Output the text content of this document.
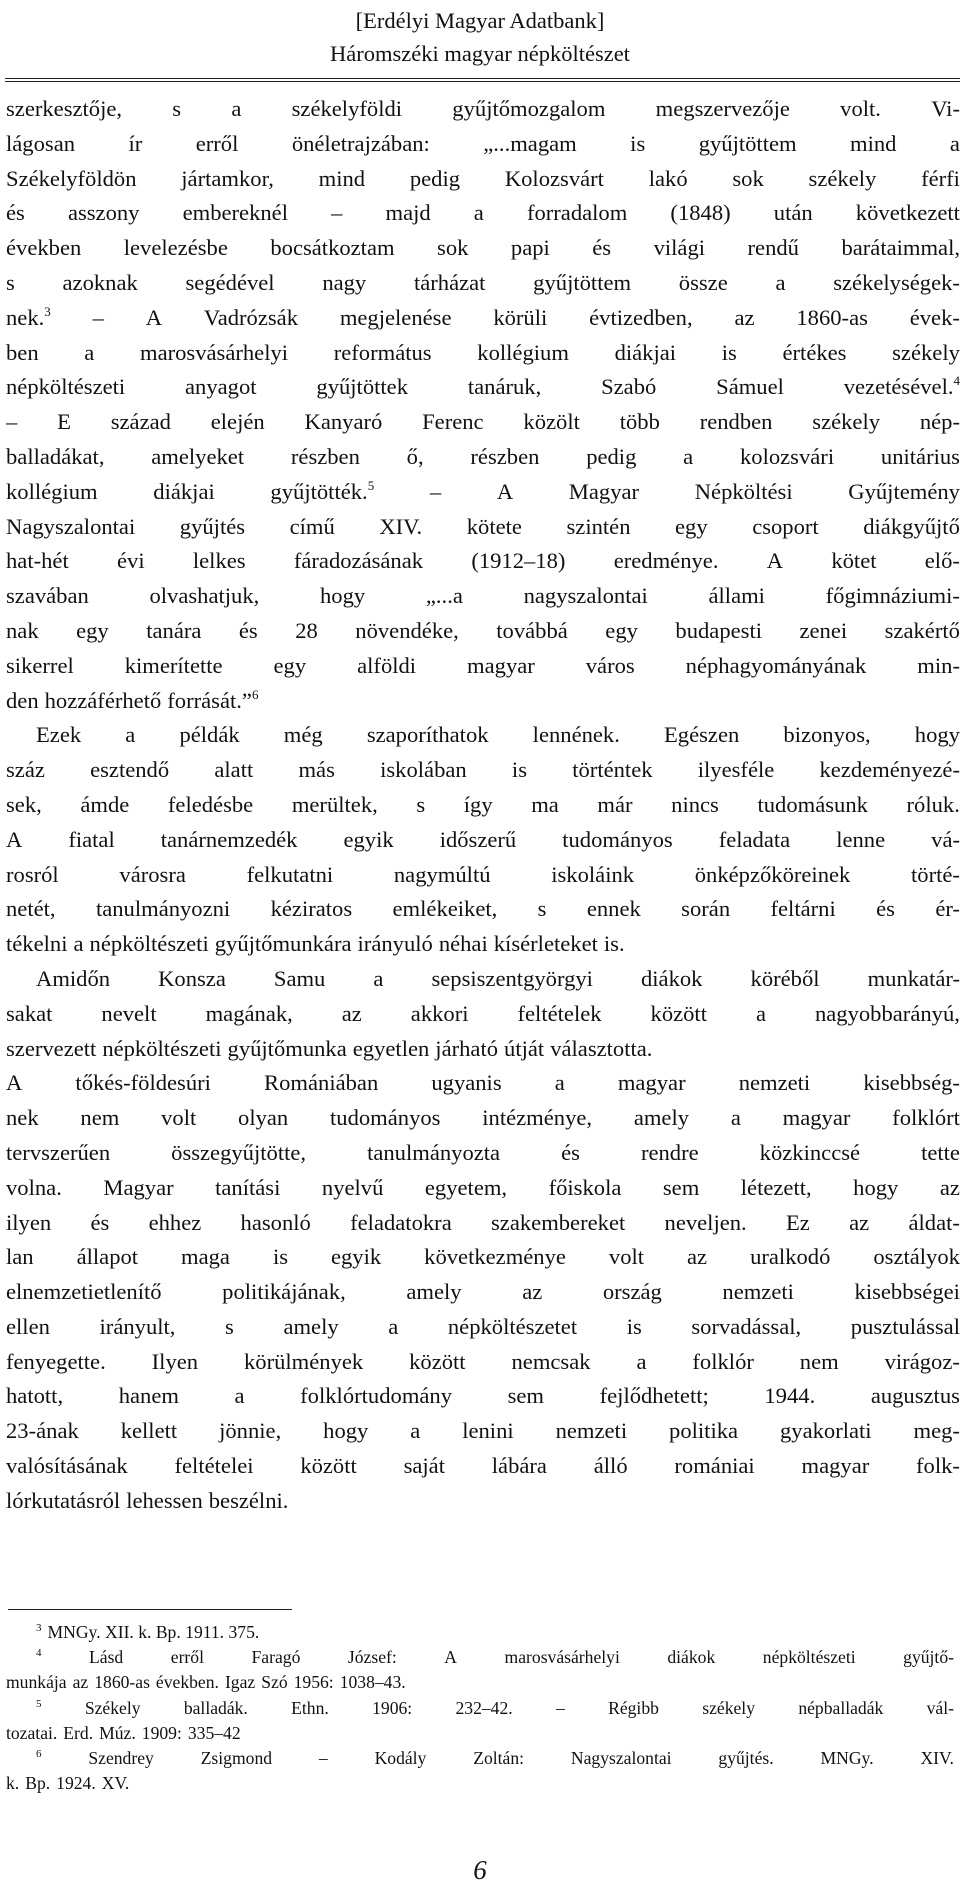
[Erdélyi Magyar Adatbank]
Háromszéki magyar népköltészet
szerkesztője, s a székelyföldi gyűjtőmozgalom megszervezője volt. Vi-
lágosan ír erről önéletrajzában: „...magam is gyűjtöttem mind a
Székelyföldön jártamkor, mind pedig Kolozsvárt lakó sok székely férfi
és asszony embereknél – majd a forradalom (1848) után következett
években levelezésbe bocsátkoztam sok papi és világi rendű barátaimmal,
s azoknak segédével nagy tárházat gyűjtöttem össze a székelységek-
nek.$^3$ – A Vadrózsák megjelenése körüli évtizedben, az 1860-as évek-
ben a marosvásárhelyi református kollégium diákjai is értékes székely
népköltészeti	anyagot	gyűjtöttek	tanáruk,	Szabó	Sámuel	vezetésével.$^4$
– E század elején Kanyaró Ferenc közölt több rendben székely nép-
balladákat, amelyeket részben ő, részben pedig a kolozsvári unitárius
kollégium diákjai gyűjtötték.$^5$ – A Magyar Népköltési Gyűjtemény
Nagyszalontai gyűjtés című XIV. kötete szintén egy csoport diákgyűjtő
hat-hét évi lelkes fáradozásának (1912–18) eredménye. A kötet elő-
szavában	olvashatjuk,	hogy	„...a	nagyszalontai	állami	főgimnáziumi-
nak egy tanára és 28 növendéke, továbbá egy budapesti zenei szakértő
sikerrel kimerítette egy alföldi magyar város néphagyományának min-
den hozzáférhető forrását.”$^6$
Ezek a példák még szaporíthatok lennének. Egészen bizonyos, hogy
száz esztendő alatt más iskolában is történtek ilyesféle kezdeményezé-
sek, ámde feledésbe merültek, s így ma már nincs tudomásunk róluk.
A fiatal tanárnemzedék egyik időszerű tudományos feladata lenne vá-
rosról	városra	felkutatni	nagymúltú	iskoláink	önképzőköreinek	törté-
netét, tanulmányozni kéziratos emlékeiket, s ennek során feltárni és ér-
tékelni a népköltészeti gyűjtőmunkára irányuló néhai kísérleteket is.
Amidőn Konsza Samu a sepsiszentgyörgyi diákok köréből munkatár-
sakat nevelt magának, az akkori feltételek között a nagyobbarányú,
szervezett népköltészeti gyűjtőmunka egyetlen járható útját választotta.
A tőkés-földesúri Romániában ugyanis a magyar nemzeti kisebbség-
nek nem volt olyan tudományos intézménye, amely a magyar folklórt
tervszerűen	összegyűjtötte,	tanulmányozta	és	rendre	közkinccsé	tette
volna. Magyar tanítási nyelvű egyetem, főiskola sem létezett, hogy az
ilyen és ehhez hasonló feladatokra szakembereket neveljen. Ez az áldat-
lan állapot maga is egyik következménye volt az uralkodó osztályok
elnemzetietlenítő	politikájának,	amely	az	ország	nemzeti	kisebbségei
ellen irányult, s amely a népköltészetet is sorvadással, pusztulással
fenyegette. Ilyen körülmények között nemcsak a folklór nem virágoz-
hatott, hanem a folklórtudomány sem fejlődhetett; 1944. augusztus
23-ának kellett jönnie, hogy a lenini nemzeti politika gyakorlati meg-
valósításának feltételei között saját lábára álló romániai magyar folk-
lórkutatásról lehessen beszélni.
$^3$ MNGy. XII. k. Bp. 1911. 375.
$^4$	Lásd	erről	Faragó	József:	A	marosvásárhelyi	diákok	népköltészeti	gyűjtő-
munkája az 1860-as években. Igaz Szó 1956: 1038–43.
$^5$ Székely balladák. Ethn. 1906: 232–42. – Régibb székely népballadák vál-
tozatai. Erd. Múz. 1909: 335–42
$^6$	Szendrey	Zsigmond	–	Kodály	Zoltán:	Nagyszalontai	gyűjtés.	MNGy.	XIV.
k. Bp. 1924. XV.
6
